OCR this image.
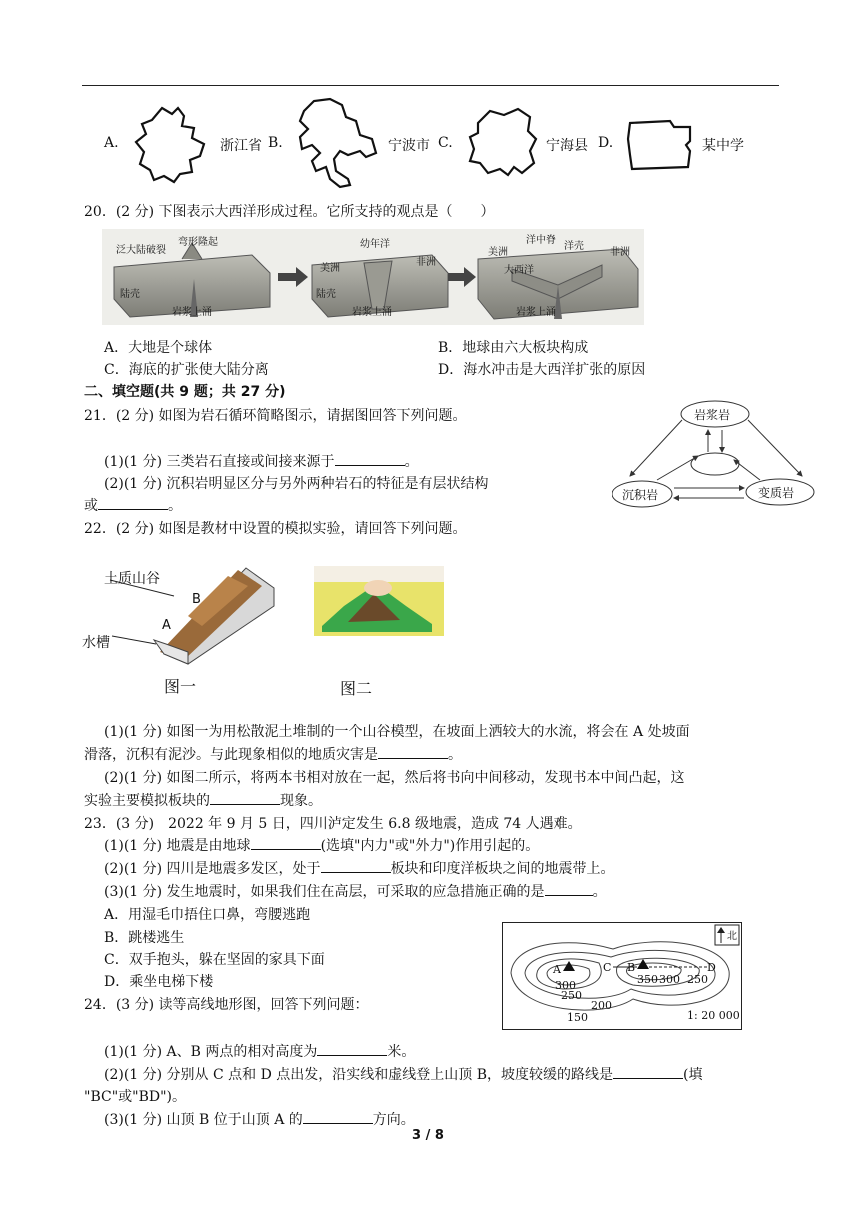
A.	浙江省 B.	宁波市 C.	宁海县 D.	某中学
20．(2 分) 下图表示大西洋形成过程。它所支持的观点是（　　）
泛大陆破裂
弯形隆起
陆壳
岩浆上涌
幼年洋
美洲
非洲
陆壳
岩浆上涌
洋中脊
洋壳
美洲
大西洋
非洲
岩浆上涌
A．大地是个球体	B．地球由六大板块构成
C．海底的扩张使大陆分离	D．海水冲击是大西洋扩张的原因
二、填空题(共 9 题；共 27 分)
21．(2 分) 如图为岩石循环简略图示，请据图回答下列问题。
(1)(1 分) 三类岩石直接或间接来源于	。
(2)(1 分) 沉积岩明显区分与另外两种岩石的特征是有层状结构
或	。
岩浆岩
沉积岩	变质岩
22．(2 分) 如图是教材中设置的模拟实验，请回答下列问题。
土质山谷
水槽
A
B
图一	图二
(1)(1 分) 如图一为用松散泥土堆制的一个山谷模型，在坡面上洒较大的水流，将会在 A 处坡面
滑落，沉积有泥沙。与此现象相似的地质灾害是	。
(2)(1 分) 如图二所示，将两本书相对放在一起，然后将书向中间移动，发现书本中间凸起，这
实验主要模拟板块的	现象。
23．(3 分)　2022 年 9 月 5 日，四川泸定发生 6.8 级地震，造成 74 人遇难。
(1)(1 分) 地震是由地球	(选填"内力"或"外力")作用引起的。
(2)(1 分) 四川是地震多发区，处于	板块和印度洋板块之间的地震带上。
(3)(1 分) 发生地震时，如果我们住在高层，可采取的应急措施正确的是	。
A．用湿毛巾捂住口鼻，弯腰逃跑
B．跳楼逃生
C．双手抱头，躲在坚固的家具下面
D．乘坐电梯下楼
北
A	B
C	D
300
250
200
150
350 300 250
1: 20 000
24．(3 分) 读等高线地形图，回答下列问题：
(1)(1 分) A、B 两点的相对高度为	米。
(2)(1 分) 分别从 C 点和 D 点出发，沿实线和虚线登上山顶 B，坡度较缓的路线是	(填
"BC"或"BD")。
(3)(1 分) 山顶 B 位于山顶 A 的	方向。
3 / 8
